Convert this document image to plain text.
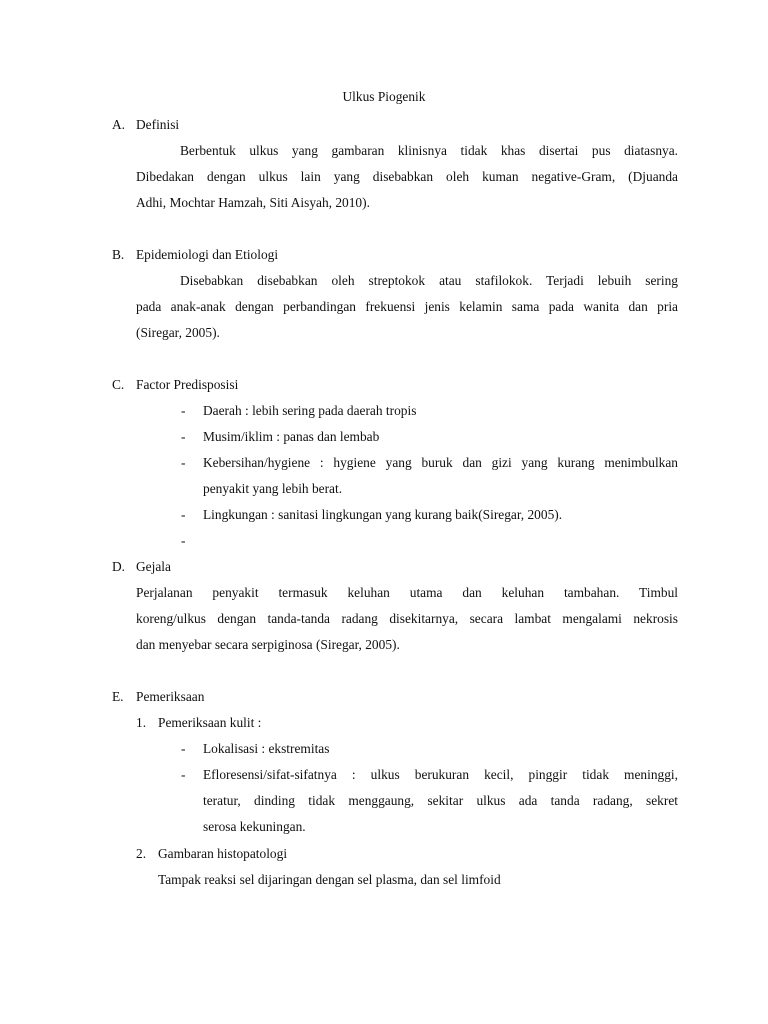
Ulkus Piogenik
A. Definisi
Berbentuk ulkus yang gambaran klinisnya tidak khas disertai pus diatasnya.
Dibedakan dengan ulkus lain yang disebabkan oleh kuman negative-Gram, (Djuanda
Adhi, Mochtar Hamzah, Siti Aisyah, 2010).
B. Epidemiologi dan Etiologi
Disebabkan disebabkan oleh streptokok atau stafilokok. Terjadi lebuih sering
pada anak-anak dengan perbandingan frekuensi jenis kelamin sama pada wanita dan pria
(Siregar, 2005).
C. Factor Predisposisi
- Daerah : lebih sering pada daerah tropis
- Musim/iklim : panas dan lembab
- Kebersihan/hygiene : hygiene yang buruk dan gizi yang kurang menimbulkan
penyakit yang lebih berat.
- Lingkungan : sanitasi lingkungan yang kurang baik(Siregar, 2005).
-
D. Gejala
Perjalanan penyakit termasuk keluhan utama dan keluhan tambahan. Timbul
koreng/ulkus dengan tanda-tanda radang disekitarnya, secara lambat mengalami nekrosis
dan menyebar secara serpiginosa (Siregar, 2005).
E. Pemeriksaan
1. Pemeriksaan kulit :
- Lokalisasi : ekstremitas
- Efloresensi/sifat-sifatnya : ulkus berukuran kecil, pinggir tidak meninggi,
teratur, dinding tidak menggaung, sekitar ulkus ada tanda radang, sekret
serosa kekuningan.
2. Gambaran histopatologi
Tampak reaksi sel dijaringan dengan sel plasma, dan sel limfoid
